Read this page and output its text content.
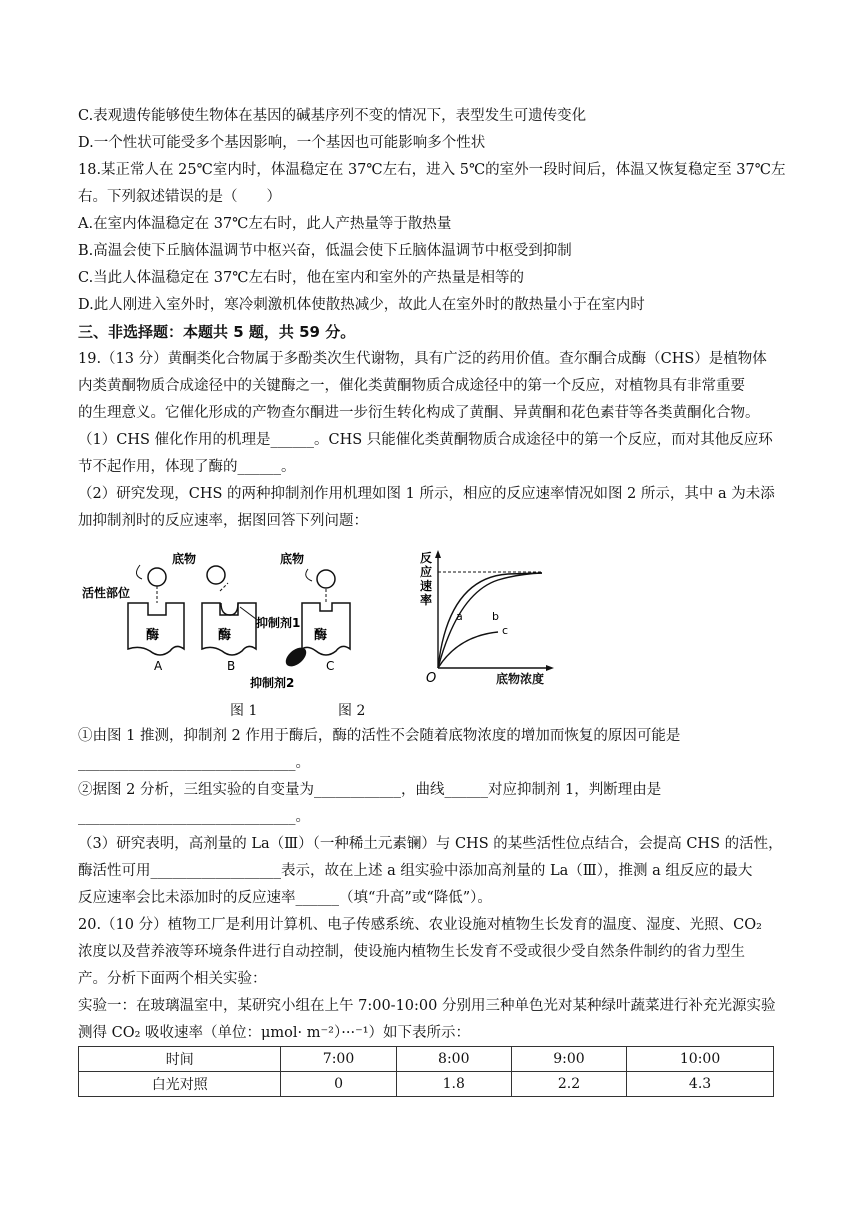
C.表观遗传能够使生物体在基因的碱基序列不变的情况下，表型发生可遗传变化
D.一个性状可能受多个基因影响，一个基因也可能影响多个性状
18.某正常人在 25℃室内时，体温稳定在 37℃左右，进入 5℃的室外一段时间后，体温又恢复稳定至 37℃左
右。下列叙述错误的是（　　）
A.在室内体温稳定在 37℃左右时，此人产热量等于散热量
B.高温会使下丘脑体温调节中枢兴奋，低温会使下丘脑体温调节中枢受到抑制
C.当此人体温稳定在 37℃左右时，他在室内和室外的产热量是相等的
D.此人刚进入室外时，寒冷刺激机体使散热减少，故此人在室外时的散热量小于在室内时
三、非选择题：本题共 5 题，共 59 分。
19.（13 分）黄酮类化合物属于多酚类次生代谢物，具有广泛的药用价值。查尔酮合成酶（CHS）是植物体
内类黄酮物质合成途径中的关键酶之一，催化类黄酮物质合成途径中的第一个反应，对植物具有非常重要
的生理意义。它催化形成的产物查尔酮进一步衍生转化构成了黄酮、异黄酮和花色素苷等各类黄酮化合物。
（1）CHS 催化作用的机理是______。CHS 只能催化类黄酮物质合成途径中的第一个反应，而对其他反应环
节不起作用，体现了酶的______。
（2）研究发现，CHS 的两种抑制剂作用机理如图 1 所示，相应的反应速率情况如图 2 所示，其中 a 为未添
加抑制剂时的反应速率，据图回答下列问题：
底物	底物
活性部位
抑制剂1
抑制剂2
酶
A
酶
B
酶
C
反
应
速
率
a	b
c
O	底物浓度
图 1	图 2
①由图 1 推测，抑制剂 2 作用于酶后，酶的活性不会随着底物浓度的增加而恢复的原因可能是
______________________________。
②据图 2 分析，三组实验的自变量为____________，曲线______对应抑制剂 1，判断理由是
______________________________。
（3）研究表明，高剂量的 La（Ⅲ）（一种稀土元素镧）与 CHS 的某些活性位点结合，会提高 CHS 的活性，
酶活性可用__________________表示，故在上述 a 组实验中添加高剂量的 La（Ⅲ），推测 a 组反应的最大
反应速率会比未添加时的反应速率______（填“升高”或“降低”）。
20.（10 分）植物工厂是利用计算机、电子传感系统、农业设施对植物生长发育的温度、湿度、光照、CO₂
浓度以及营养液等环境条件进行自动控制，使设施内植物生长发育不受或很少受自然条件制约的省力型生
产。分析下面两个相关实验：
实验一：在玻璃温室中，某研究小组在上午 7:00-10:00 分别用三种单色光对某种绿叶蔬菜进行补充光源实验
测得 CO₂ 吸收速率（单位：μmol· m⁻²）···⁻¹）如下表所示：
时间	7:00	8:00	9:00	10:00
白光对照	0	1.8	2.2	4.3
